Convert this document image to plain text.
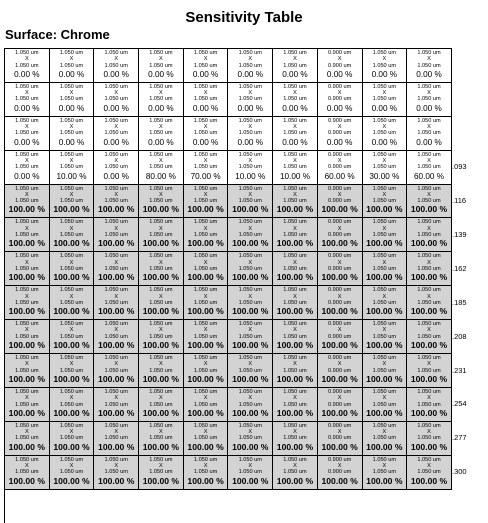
Sensitivity Table
Surface: Chrome
1.050 um
X
1.050 um
0.00 %
1.050 um
X
1.050 um
0.00 %
1.050 um
X
1.050 um
0.00 %
1.050 um
X
1.050 um
0.00 %
1.050 um
X
1.050 um
0.00 %
1.050 um
X
1.050 um
0.00 %
1.050 um
X
1.050 um
0.00 %
0.900 um
X
0.900 um
0.00 %
1.050 um
X
1.050 um
0.00 %
1.050 um
X
1.050 um
0.00 %
1.050 um
X
1.050 um
0.00 %
1.050 um
X
1.050 um
0.00 %
1.050 um
X
1.050 um
0.00 %
1.050 um
X
1.050 um
0.00 %
1.050 um
X
1.050 um
0.00 %
1.050 um
X
1.050 um
0.00 %
1.050 um
X
1.050 um
0.00 %
0.900 um
X
0.900 um
0.00 %
1.050 um
X
1.050 um
0.00 %
1.050 um
X
1.050 um
0.00 %
1.050 um
X
1.050 um
0.00 %
1.050 um
X
1.050 um
0.00 %
1.050 um
X
1.050 um
0.00 %
1.050 um
X
1.050 um
0.00 %
1.050 um
X
1.050 um
0.00 %
1.050 um
X
1.050 um
0.00 %
1.050 um
X
1.050 um
0.00 %
0.900 um
X
0.900 um
0.00 %
1.050 um
X
1.050 um
0.00 %
1.050 um
X
1.050 um
0.00 %
1.050 um
X
1.050 um
0.00 %
1.050 um
X
1.050 um
10.00 %
1.050 um
X
1.050 um
0.00 %
1.050 um
X
1.050 um
80.00 %
1.050 um
X
1.050 um
70.00 %
1.050 um
X
1.050 um
10.00 %
1.050 um
X
1.050 um
10.00 %
0.900 um
X
0.900 um
60.00 %
1.050 um
X
1.050 um
30.00 %
1.050 um
X
1.050 um
60.00 %
1.050 um
X
1.050 um
100.00 %
1.050 um
X
1.050 um
100.00 %
1.050 um
X
1.050 um
100.00 %
1.050 um
X
1.050 um
100.00 %
1.050 um
X
1.050 um
100.00 %
1.050 um
X
1.050 um
100.00 %
1.050 um
X
1.050 um
100.00 %
0.900 um
X
0.900 um
100.00 %
1.050 um
X
1.050 um
100.00 %
1.050 um
X
1.050 um
100.00 %
1.050 um
X
1.050 um
100.00 %
1.050 um
X
1.050 um
100.00 %
1.050 um
X
1.050 um
100.00 %
1.050 um
X
1.050 um
100.00 %
1.050 um
X
1.050 um
100.00 %
1.050 um
X
1.050 um
100.00 %
1.050 um
X
1.050 um
100.00 %
0.900 um
X
0.900 um
100.00 %
1.050 um
X
1.050 um
100.00 %
1.050 um
X
1.050 um
100.00 %
1.050 um
X
1.050 um
100.00 %
1.050 um
X
1.050 um
100.00 %
1.050 um
X
1.050 um
100.00 %
1.050 um
X
1.050 um
100.00 %
1.050 um
X
1.050 um
100.00 %
1.050 um
X
1.050 um
100.00 %
1.050 um
X
1.050 um
100.00 %
0.900 um
X
0.900 um
100.00 %
1.050 um
X
1.050 um
100.00 %
1.050 um
X
1.050 um
100.00 %
1.050 um
X
1.050 um
100.00 %
1.050 um
X
1.050 um
100.00 %
1.050 um
X
1.050 um
100.00 %
1.050 um
X
1.050 um
100.00 %
1.050 um
X
1.050 um
100.00 %
1.050 um
X
1.050 um
100.00 %
1.050 um
X
1.050 um
100.00 %
0.900 um
X
0.900 um
100.00 %
1.050 um
X
1.050 um
100.00 %
1.050 um
X
1.050 um
100.00 %
1.050 um
X
1.050 um
100.00 %
1.050 um
X
1.050 um
100.00 %
1.050 um
X
1.050 um
100.00 %
1.050 um
X
1.050 um
100.00 %
1.050 um
X
1.050 um
100.00 %
1.050 um
X
1.050 um
100.00 %
1.050 um
X
1.050 um
100.00 %
0.900 um
X
0.900 um
100.00 %
1.050 um
X
1.050 um
100.00 %
1.050 um
X
1.050 um
100.00 %
1.050 um
X
1.050 um
100.00 %
1.050 um
X
1.050 um
100.00 %
1.050 um
X
1.050 um
100.00 %
1.050 um
X
1.050 um
100.00 %
1.050 um
X
1.050 um
100.00 %
1.050 um
X
1.050 um
100.00 %
1.050 um
X
1.050 um
100.00 %
0.900 um
X
0.900 um
100.00 %
1.050 um
X
1.050 um
100.00 %
1.050 um
X
1.050 um
100.00 %
1.050 um
X
1.050 um
100.00 %
1.050 um
X
1.050 um
100.00 %
1.050 um
X
1.050 um
100.00 %
1.050 um
X
1.050 um
100.00 %
1.050 um
X
1.050 um
100.00 %
1.050 um
X
1.050 um
100.00 %
1.050 um
X
1.050 um
100.00 %
0.900 um
X
0.900 um
100.00 %
1.050 um
X
1.050 um
100.00 %
1.050 um
X
1.050 um
100.00 %
1.050 um
X
1.050 um
100.00 %
1.050 um
X
1.050 um
100.00 %
1.050 um
X
1.050 um
100.00 %
1.050 um
X
1.050 um
100.00 %
1.050 um
X
1.050 um
100.00 %
1.050 um
X
1.050 um
100.00 %
1.050 um
X
1.050 um
100.00 %
0.900 um
X
0.900 um
100.00 %
1.050 um
X
1.050 um
100.00 %
1.050 um
X
1.050 um
100.00 %
1.050 um
X
1.050 um
100.00 %
1.050 um
X
1.050 um
100.00 %
1.050 um
X
1.050 um
100.00 %
1.050 um
X
1.050 um
100.00 %
1.050 um
X
1.050 um
100.00 %
1.050 um
X
1.050 um
100.00 %
1.050 um
X
1.050 um
100.00 %
0.900 um
X
0.900 um
100.00 %
1.050 um
X
1.050 um
100.00 %
1.050 um
X
1.050 um
100.00 %
.093
.116
.139
.162
.185
.208
.231
.254
.277
.300
